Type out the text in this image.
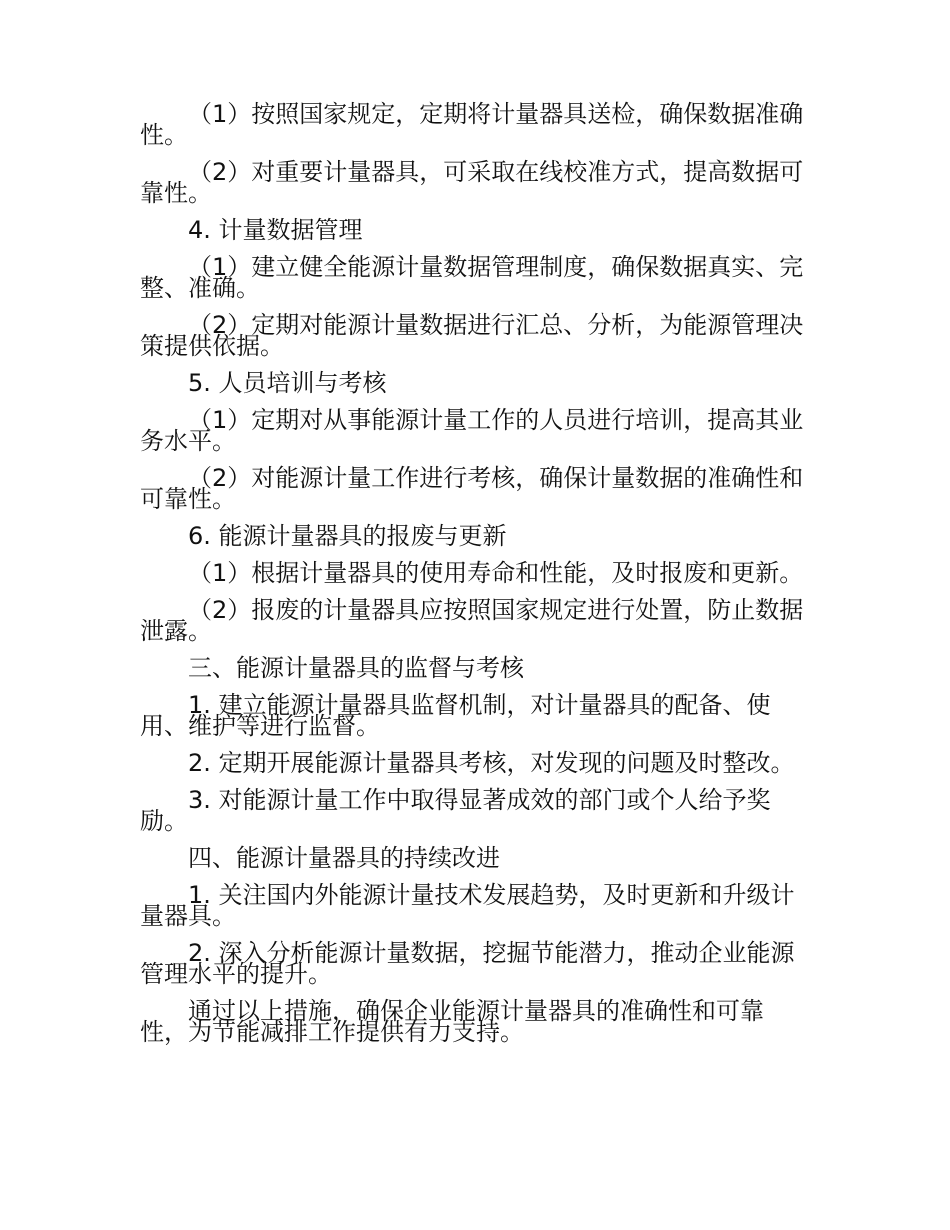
（1）按照国家规定，定期将计量器具送检，确保数据准确性。

（2）对重要计量器具，可采取在线校准方式，提高数据可靠性。

4. 计量数据管理

（1）建立健全能源计量数据管理制度，确保数据真实、完整、准确。

（2）定期对能源计量数据进行汇总、分析，为能源管理决策提供依据。

5. 人员培训与考核

（1）定期对从事能源计量工作的人员进行培训，提高其业务水平。

（2）对能源计量工作进行考核，确保计量数据的准确性和可靠性。

6. 能源计量器具的报废与更新

（1）根据计量器具的使用寿命和性能，及时报废和更新。

（2）报废的计量器具应按照国家规定进行处置，防止数据泄露。

三、能源计量器具的监督与考核

1. 建立能源计量器具监督机制，对计量器具的配备、使用、维护等进行监督。

2. 定期开展能源计量器具考核，对发现的问题及时整改。

3. 对能源计量工作中取得显著成效的部门或个人给予奖励。

四、能源计量器具的持续改进

1. 关注国内外能源计量技术发展趋势，及时更新和升级计量器具。

2. 深入分析能源计量数据，挖掘节能潜力，推动企业能源管理水平的提升。

通过以上措施，确保企业能源计量器具的准确性和可靠性，为节能减排工作提供有力支持。
